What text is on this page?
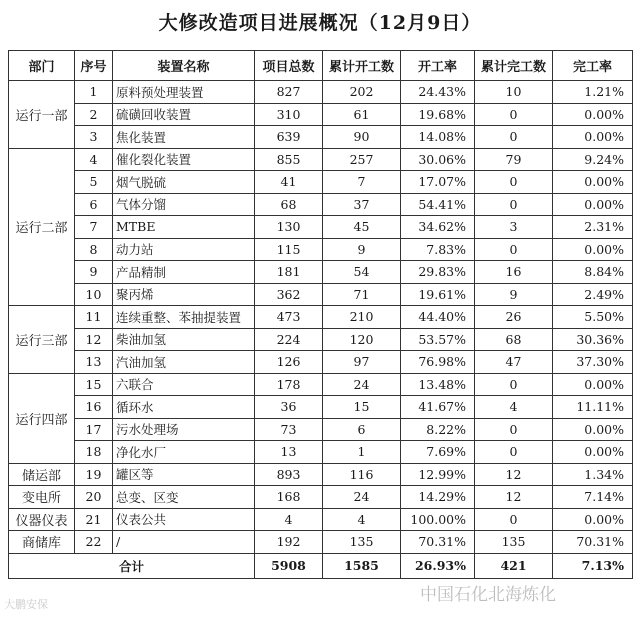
大修改造项目进展概况（12月9日）
部门	序号	装置名称	项目总数	累计开工数	开工率	累计完工数	完工率
运行一部	1	原料预处理装置	827	202	24.43%	10	1.21%
	2	硫磺回收装置	310	61	19.68%	0	0.00%
	3	焦化装置	639	90	14.08%	0	0.00%
运行二部	4	催化裂化装置	855	257	30.06%	79	9.24%
	5	烟气脱硫	41	7	17.07%	0	0.00%
	6	气体分馏	68	37	54.41%	0	0.00%
	7	MTBE	130	45	34.62%	3	2.31%
	8	动力站	115	9	7.83%	0	0.00%
	9	产品精制	181	54	29.83%	16	8.84%
	10	聚丙烯	362	71	19.61%	9	2.49%
运行三部	11	连续重整、苯抽提装置	473	210	44.40%	26	5.50%
	12	柴油加氢	224	120	53.57%	68	30.36%
	13	汽油加氢	126	97	76.98%	47	37.30%
运行四部	15	六联合	178	24	13.48%	0	0.00%
	16	循环水	36	15	41.67%	4	11.11%
	17	污水处理场	73	6	8.22%	0	0.00%
	18	净化水厂	13	1	7.69%	0	0.00%
储运部	19	罐区等	893	116	12.99%	12	1.34%
变电所	20	总变、区变	168	24	14.29%	12	7.14%
仪器仪表	21	仪表公共	4	4	100.00%	0	0.00%
商储库	22	/	192	135	70.31%	135	70.31%
合计			5908	1585	26.93%	421	7.13%
中国石化北海炼化
大鹏安保
